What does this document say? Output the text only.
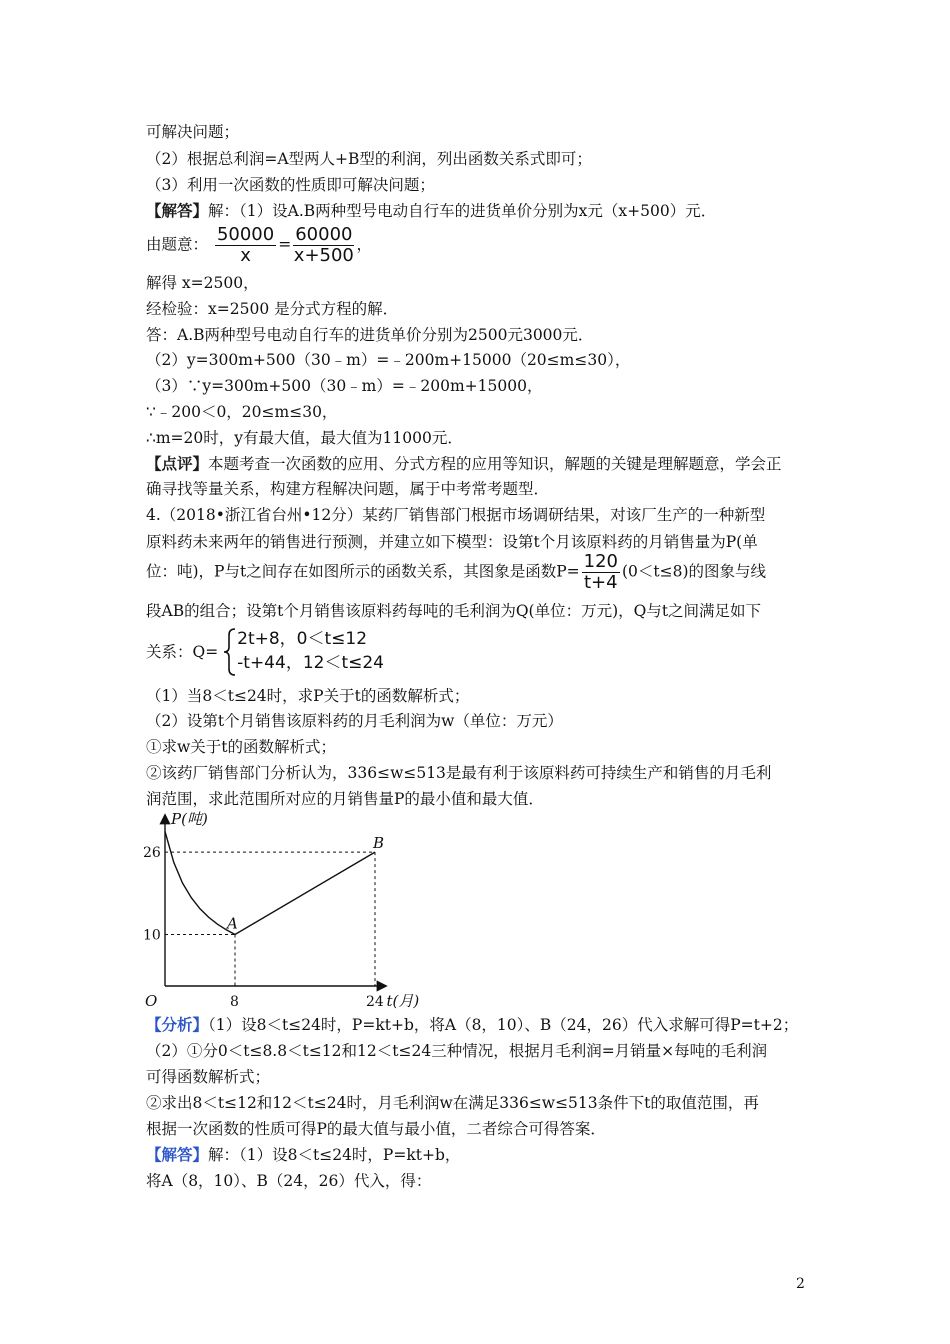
可解决问题；
（2）根据总利润=A型两人+B型的利润，列出函数关系式即可；
（3）利用一次函数的性质即可解决问题；
【解答】解：（1）设A.B两种型号电动自行车的进货单价分别为x元（x+500）元．
由题意： $\frac{50000}{x} = \frac{60000}{x+500}$ ，
解得 x=2500，
经检验：x=2500 是分式方程的解．
答：A.B两种型号电动自行车的进货单价分别为2500元3000元．
（2）y=300m+500（30﹣m）=﹣200m+15000（20≤m≤30），
（3）∵y=300m+500（30﹣m）=﹣200m+15000，
∵﹣200＜0，20≤m≤30，
∴m=20时，y有最大值，最大值为11000元．
【点评】本题考查一次函数的应用、分式方程的应用等知识，解题的关键是理解题意，学会正
确寻找等量关系，构建方程解决问题，属于中考常考题型．
4.（2018•浙江省台州•12分）某药厂销售部门根据市场调研结果，对该厂生产的一种新型
原料药未来两年的销售进行预测，并建立如下模型：设第t个月该原料药的月销售量为P(单
位：吨)，P与t之间存在如图所示的函数关系，其图象是函数$P= \frac{120}{t+4} (0<t\le 8)$的图象与线
段AB的组合；设第t个月销售该原料药每吨的毛利润为Q(单位：万元)，Q与t之间满足如下
关系：Q=
2t+8，0＜t≤12
-t+44，12＜t≤24
（1）当8＜t≤24时，求P关于t的函数解析式；
（2）设第t个月销售该原料药的月毛利润为w（单位：万元）
①求w关于t的函数解析式；
②该药厂销售部门分析认为，336≤w≤513是最有利于该原料药可持续生产和销售的月毛利
润范围，求此范围所对应的月销售量P的最小值和最大值．
P(吨)
t(月)
O	8	24
26
10
A
B
【分析】（1）设8＜t≤24时，P=kt+b，将A（8，10）、B（24，26）代入求解可得P=t+2；
（2）①分0＜t≤8.8＜t≤12和12＜t≤24三种情况，根据月毛利润=月销量×每吨的毛利润
可得函数解析式；
②求出8＜t≤12和12＜t≤24时，月毛利润w在满足336≤w≤513条件下t的取值范围，再
根据一次函数的性质可得P的最大值与最小值，二者综合可得答案．
【解答】解：（1）设8＜t≤24时，P=kt+b，
将A（8，10）、B（24，26）代入，得：
2
